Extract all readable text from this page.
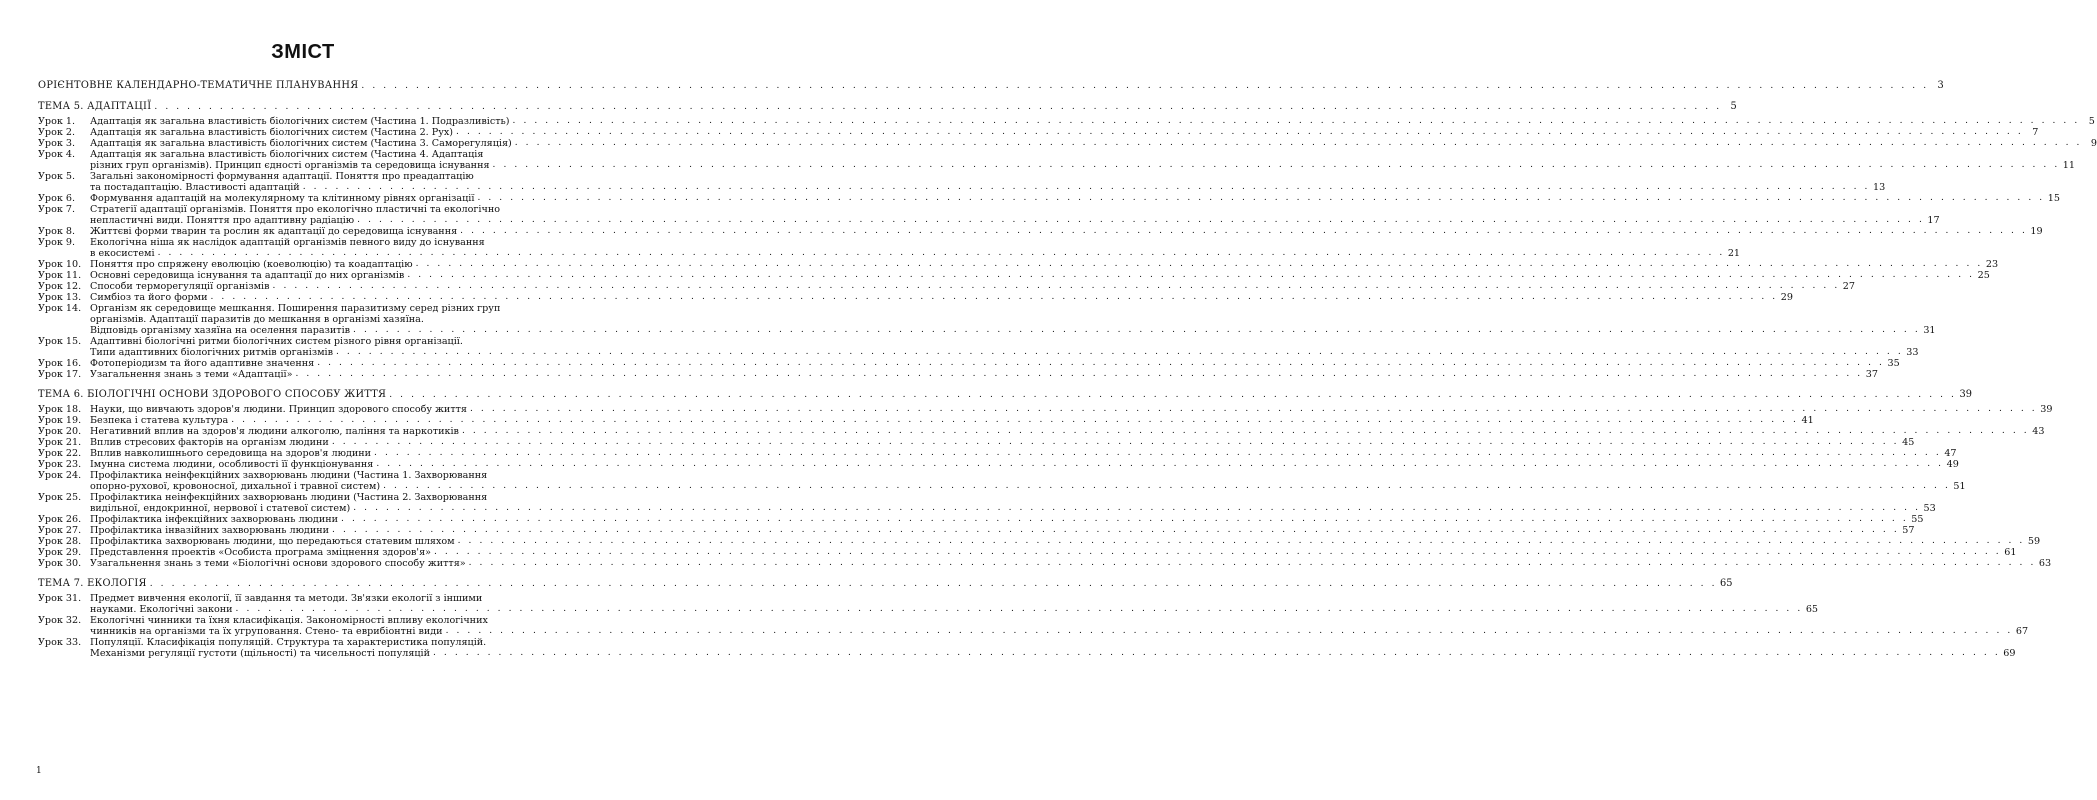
ЗМІСТ
ОРІЄНТОВНЕ КАЛЕНДАРНО-ТЕМАТИЧНЕ ПЛАНУВАННЯ . . .	3
ТЕМА 5. АДАПТАЦІЇ . . .	5
Урок 1.	Адаптація як загальна властивість біологічних систем (Частина 1. Подразливість) . . .	5
Урок 2.	Адаптація як загальна властивість біологічних систем (Частина 2. Рух) . . .	7
Урок 3.	Адаптація як загальна властивість біологічних систем (Частина 3. Саморегуляція) . . .	9
Урок 4.	Адаптація як загальна властивість біологічних систем (Частина 4. Адаптація
різних груп організмів). Принцип єдності організмів та середовища існування . . .	11
Урок 5.	Загальні закономірності формування адаптації. Поняття про преадаптацію
та постадаптацію. Властивості адаптацій . . .	13
Урок 6.	Формування адаптацій на молекулярному та клітинному рівнях організації . . .	15
Урок 7.	Стратегії адаптації організмів. Поняття про екологічно пластичні та екологічно
непластичні види. Поняття про адаптивну радіацію . . .	17
Урок 8.	Життєві форми тварин та рослин як адаптації до середовища існування . . .	19
Урок 9.	Екологічна ніша як наслідок адаптацій організмів певного виду до існування
в екосистемі . . .	21
Урок 10. Поняття про спряжену еволюцію (коеволюцію) та коадаптацію . . .	23
Урок 11. Основні середовища існування та адаптації до них організмів . . .	25
Урок 12. Способи терморегуляції організмів . . .	27
Урок 13. Симбіоз та його форми . . .	29
Урок 14. Організм як середовище мешкання. Поширення паразитизму серед різних груп
організмів. Адаптації паразитів до мешкання в організмі хазяїна.
Відповідь організму хазяїна на оселення паразитів . . .	31
Урок 15. Адаптивні біологічні ритми біологічних систем різного рівня організації.
Типи адаптивних біологічних ритмів організмів . . .	33
Урок 16. Фотоперіодизм та його адаптивне значення . . .	35
Урок 17. Узагальнення знань з теми «Адаптації» . . .	37
ТЕМА 6. БІОЛОГІЧНІ ОСНОВИ ЗДОРОВОГО СПОСОБУ ЖИТТЯ . . .	39
Урок 18. Науки, що вивчають здоров'я людини. Принцип здорового способу життя . . .	39
Урок 19. Безпека і статева культура . . .	41
Урок 20. Негативний вплив на здоров'я людини алкоголю, паління та наркотиків . . .	43
Урок 21. Вплив стресових факторів на організм людини . . .	45
Урок 22. Вплив навколишнього середовища на здоров'я людини . . .	47
Урок 23. Імунна система людини, особливості її функціонування . . .	49
Урок 24. Профілактика неінфекційних захворювань людини (Частина 1. Захворювання
опорно-рухової, кровоносної, дихальної і травної систем) . . .	51
Урок 25. Профілактика неінфекційних захворювань людини (Частина 2. Захворювання
видільної, ендокринної, нервової і статевої систем) . . .	53
Урок 26. Профілактика інфекційних захворювань людини . . .	55
Урок 27. Профілактика інвазійних захворювань людини . . .	57
Урок 28. Профілактика захворювань людини, що передаються статевим шляхом . . .	59
Урок 29. Представлення проектів «Особиста програма зміцнення здоров'я» . . .	61
Урок 30. Узагальнення знань з теми «Біологічні основи здорового способу життя» . . .	63
ТЕМА 7. ЕКОЛОГІЯ . . .	65
Урок 31. Предмет вивчення екології, її завдання та методи. Зв'язки екології з іншими
науками. Екологічні закони . . .	65
Урок 32. Екологічні чинники та їхня класифікація. Закономірності впливу екологічних
чинників на організми та їх угруповання. Стено- та еврибіонтні види . . .	67
Урок 33. Популяції. Класифікація популяцій. Структура та характеристика популяцій.
Механізми регуляції густоти (щільності) та чисельності популяцій . . .	69
1
